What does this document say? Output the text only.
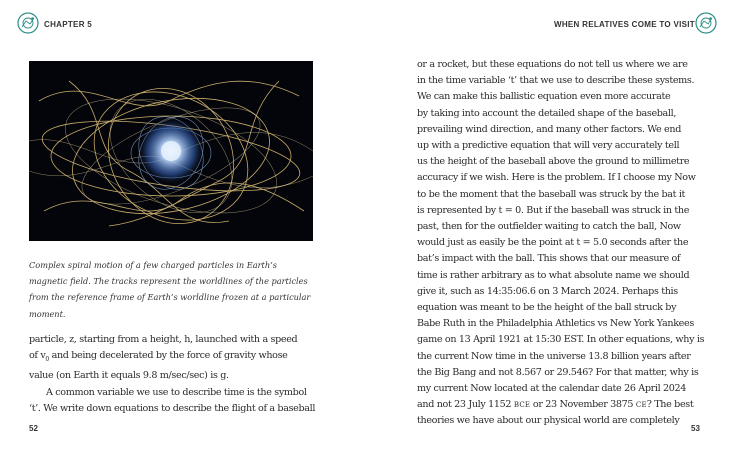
CHAPTER 5	WHEN RELATIVES COME TO VISIT
Complex spiral motion of a few charged particles in Earth’s
magnetic field. The tracks represent the worldlines of the particles
from the reference frame of Earth’s worldline frozen at a particular
moment.
particle, z, starting from a height, h, launched with a speed
of $v_0$ and being decelerated by the force of gravity whose
value (on Earth it equals 9.8 m/sec/sec) is g.
A common variable we use to describe time is the symbol
‘t’. We write down equations to describe the flight of a baseball
or a rocket, but these equations do not tell us where we are
in the time variable ‘t’ that we use to describe these systems.
We can make this ballistic equation even more accurate
by taking into account the detailed shape of the baseball,
prevailing wind direction, and many other factors. We end
up with a predictive equation that will very accurately tell
us the height of the baseball above the ground to millimetre
accuracy if we wish. Here is the problem. If I choose my Now
to be the moment that the baseball was struck by the bat it
is represented by t = 0. But if the baseball was struck in the
past, then for the outfielder waiting to catch the ball, Now
would just as easily be the point at t = 5.0 seconds after the
bat’s impact with the ball. This shows that our measure of
time is rather arbitrary as to what absolute name we should
give it, such as 14:35:06.6 on 3 March 2024. Perhaps this
equation was meant to be the height of the ball struck by
Babe Ruth in the Philadelphia Athletics vs New York Yankees
game on 13 April 1921 at 15:30 EST. In other equations, why is
the current Now time in the universe 13.8 billion years after
the Big Bang and not 8.567 or 29.546? For that matter, why is
my current Now located at the calendar date 26 April 2024
and not 23 July 1152 BCE or 23 November 3875 CE? The best
theories we have about our physical world are completely
52	53
